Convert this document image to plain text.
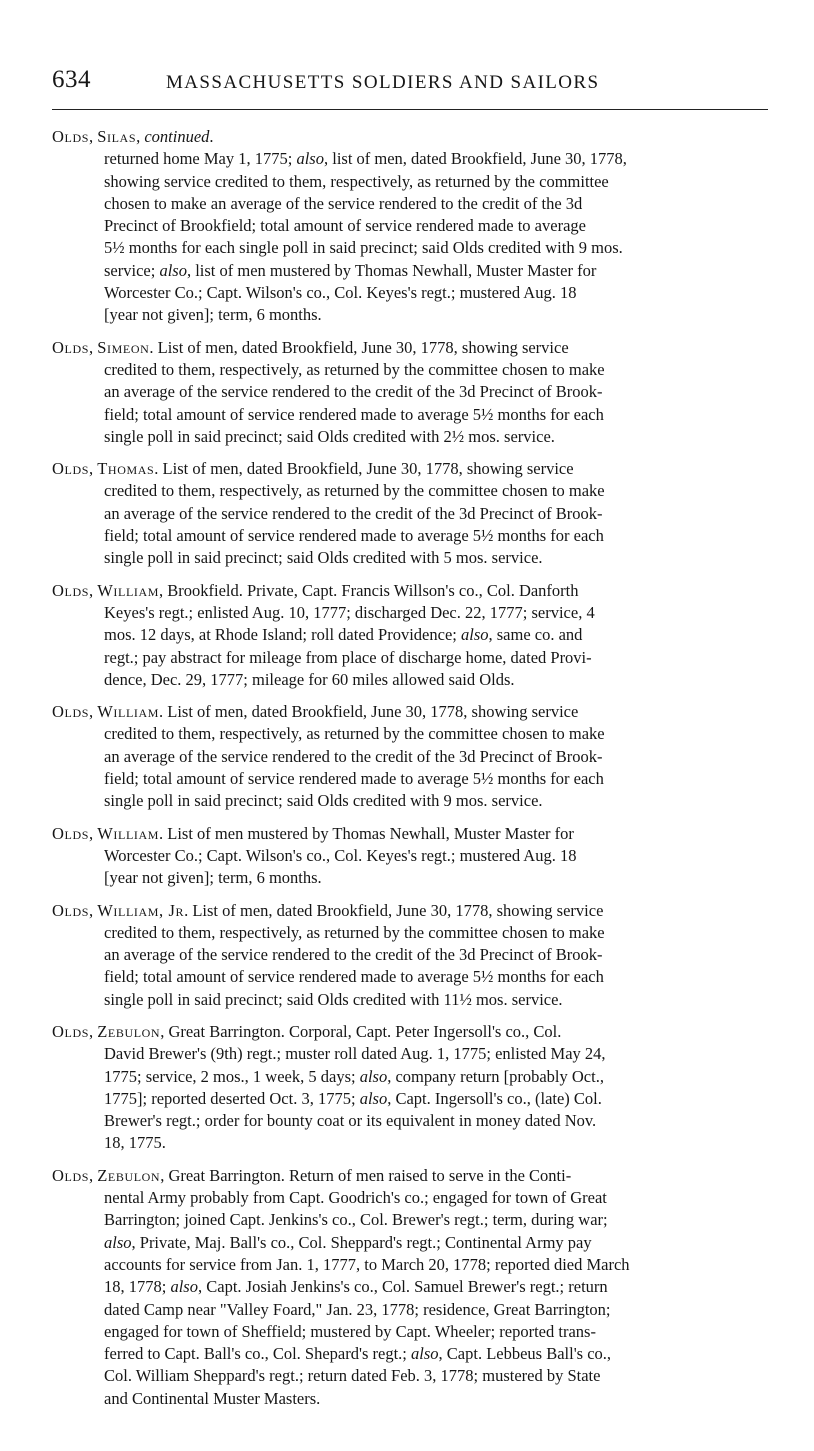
634	MASSACHUSETTS SOLDIERS AND SAILORS
Olds, Silas, continued.
returned home May 1, 1775; also, list of men, dated Brookfield, June 30, 1778,
showing service credited to them, respectively, as returned by the committee
chosen to make an average of the service rendered to the credit of the 3d
Precinct of Brookfield; total amount of service rendered made to average
5½ months for each single poll in said precinct; said Olds credited with 9 mos.
service; also, list of men mustered by Thomas Newhall, Muster Master for
Worcester Co.; Capt. Wilson's co., Col. Keyes's regt.; mustered Aug. 18
[year not given]; term, 6 months.
Olds, Simeon. List of men, dated Brookfield, June 30, 1778, showing service
credited to them, respectively, as returned by the committee chosen to make
an average of the service rendered to the credit of the 3d Precinct of Brook-
field; total amount of service rendered made to average 5½ months for each
single poll in said precinct; said Olds credited with 2½ mos. service.
Olds, Thomas. List of men, dated Brookfield, June 30, 1778, showing service
credited to them, respectively, as returned by the committee chosen to make
an average of the service rendered to the credit of the 3d Precinct of Brook-
field; total amount of service rendered made to average 5½ months for each
single poll in said precinct; said Olds credited with 5 mos. service.
Olds, William, Brookfield. Private, Capt. Francis Willson's co., Col. Danforth
Keyes's regt.; enlisted Aug. 10, 1777; discharged Dec. 22, 1777; service, 4
mos. 12 days, at Rhode Island; roll dated Providence; also, same co. and
regt.; pay abstract for mileage from place of discharge home, dated Provi-
dence, Dec. 29, 1777; mileage for 60 miles allowed said Olds.
Olds, William. List of men, dated Brookfield, June 30, 1778, showing service
credited to them, respectively, as returned by the committee chosen to make
an average of the service rendered to the credit of the 3d Precinct of Brook-
field; total amount of service rendered made to average 5½ months for each
single poll in said precinct; said Olds credited with 9 mos. service.
Olds, William. List of men mustered by Thomas Newhall, Muster Master for
Worcester Co.; Capt. Wilson's co., Col. Keyes's regt.; mustered Aug. 18
[year not given]; term, 6 months.
Olds, William, Jr. List of men, dated Brookfield, June 30, 1778, showing service
credited to them, respectively, as returned by the committee chosen to make
an average of the service rendered to the credit of the 3d Precinct of Brook-
field; total amount of service rendered made to average 5½ months for each
single poll in said precinct; said Olds credited with 11½ mos. service.
Olds, Zebulon, Great Barrington. Corporal, Capt. Peter Ingersoll's co., Col.
David Brewer's (9th) regt.; muster roll dated Aug. 1, 1775; enlisted May 24,
1775; service, 2 mos., 1 week, 5 days; also, company return [probably Oct.,
1775]; reported deserted Oct. 3, 1775; also, Capt. Ingersoll's co., (late) Col.
Brewer's regt.; order for bounty coat or its equivalent in money dated Nov.
18, 1775.
Olds, Zebulon, Great Barrington. Return of men raised to serve in the Conti-
nental Army probably from Capt. Goodrich's co.; engaged for town of Great
Barrington; joined Capt. Jenkins's co., Col. Brewer's regt.; term, during war;
also, Private, Maj. Ball's co., Col. Sheppard's regt.; Continental Army pay
accounts for service from Jan. 1, 1777, to March 20, 1778; reported died March
18, 1778; also, Capt. Josiah Jenkins's co., Col. Samuel Brewer's regt.; return
dated Camp near "Valley Foard," Jan. 23, 1778; residence, Great Barrington;
engaged for town of Sheffield; mustered by Capt. Wheeler; reported trans-
ferred to Capt. Ball's co., Col. Shepard's regt.; also, Capt. Lebbeus Ball's co.,
Col. William Sheppard's regt.; return dated Feb. 3, 1778; mustered by State
and Continental Muster Masters.
